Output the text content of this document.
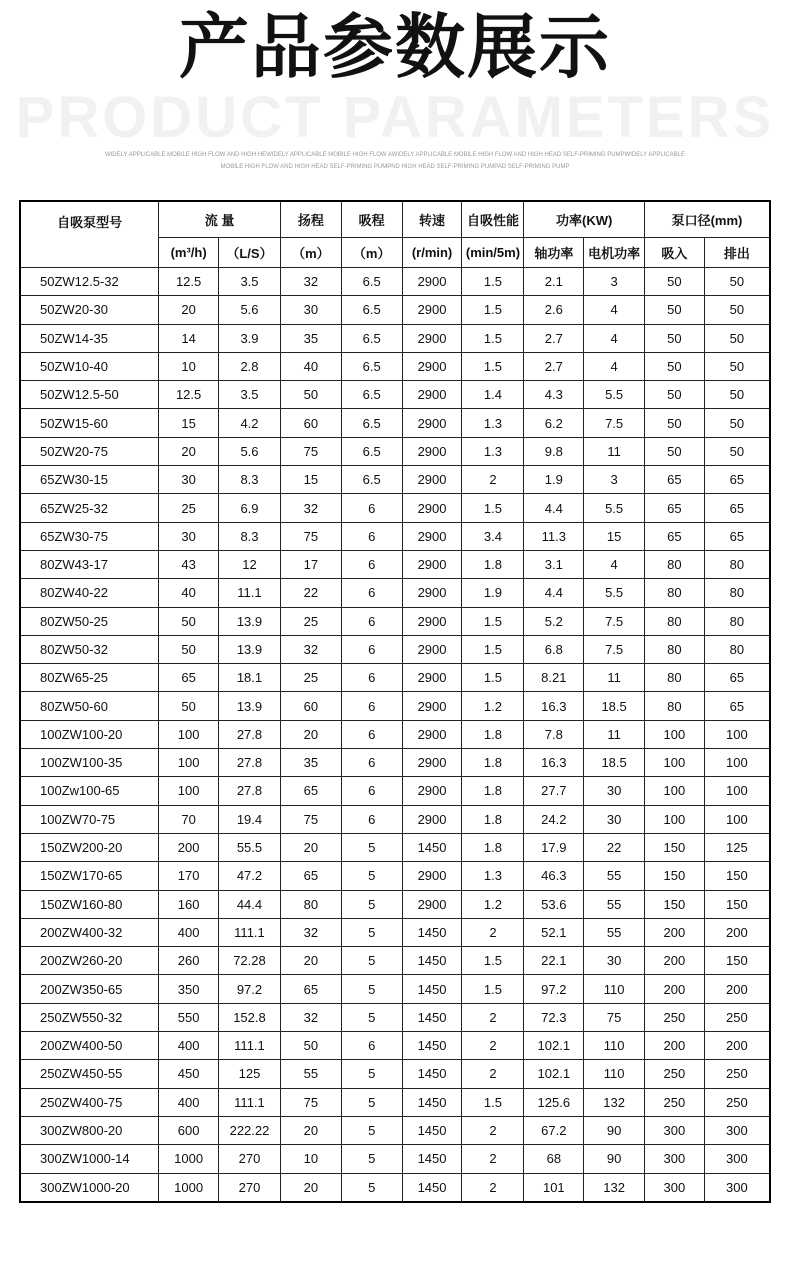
产品参数展示
PRODUCT PARAMETERS
WIDELY APPLICABLE MOBILE HIGH FLOW AND HIGH HEWIDELY APPLICABLE MOBILE HIGH FLOW AWIDELY APPLICABLE MOBILE HIGH FLOW AND HIGH HEAD SELF-PRIMING PUMPWIDELY APPLICABLE
MOBILE HIGH FLOW AND HIGH HEAD SELF-PRIMING PUMPND HIGH HEAD SELF-PRIMING PUMPAD SELF-PRIMING PUMP
自吸泵型号	流 量		扬程	吸程	转速	自吸性能	功率(KW)		泵口径(mm)	
	(m³/h)	（L/S）	（m）	（m）	(r/min)	(min/5m)	轴功率	电机功率	吸入	排出
50ZW12.5-32	12.5	3.5	32	6.5	2900	1.5	2.1	3	50	50
50ZW20-30	20	5.6	30	6.5	2900	1.5	2.6	4	50	50
50ZW14-35	14	3.9	35	6.5	2900	1.5	2.7	4	50	50
50ZW10-40	10	2.8	40	6.5	2900	1.5	2.7	4	50	50
50ZW12.5-50	12.5	3.5	50	6.5	2900	1.4	4.3	5.5	50	50
50ZW15-60	15	4.2	60	6.5	2900	1.3	6.2	7.5	50	50
50ZW20-75	20	5.6	75	6.5	2900	1.3	9.8	11	50	50
65ZW30-15	30	8.3	15	6.5	2900	2	1.9	3	65	65
65ZW25-32	25	6.9	32	6	2900	1.5	4.4	5.5	65	65
65ZW30-75	30	8.3	75	6	2900	3.4	11.3	15	65	65
80ZW43-17	43	12	17	6	2900	1.8	3.1	4	80	80
80ZW40-22	40	11.1	22	6	2900	1.9	4.4	5.5	80	80
80ZW50-25	50	13.9	25	6	2900	1.5	5.2	7.5	80	80
80ZW50-32	50	13.9	32	6	2900	1.5	6.8	7.5	80	80
80ZW65-25	65	18.1	25	6	2900	1.5	8.21	11	80	65
80ZW50-60	50	13.9	60	6	2900	1.2	16.3	18.5	80	65
100ZW100-20	100	27.8	20	6	2900	1.8	7.8	11	100	100
100ZW100-35	100	27.8	35	6	2900	1.8	16.3	18.5	100	100
100Zw100-65	100	27.8	65	6	2900	1.8	27.7	30	100	100
100ZW70-75	70	19.4	75	6	2900	1.8	24.2	30	100	100
150ZW200-20	200	55.5	20	5	1450	1.8	17.9	22	150	125
150ZW170-65	170	47.2	65	5	2900	1.3	46.3	55	150	150
150ZW160-80	160	44.4	80	5	2900	1.2	53.6	55	150	150
200ZW400-32	400	111.1	32	5	1450	2	52.1	55	200	200
200ZW260-20	260	72.28	20	5	1450	1.5	22.1	30	200	150
200ZW350-65	350	97.2	65	5	1450	1.5	97.2	110	200	200
250ZW550-32	550	152.8	32	5	1450	2	72.3	75	250	250
200ZW400-50	400	111.1	50	6	1450	2	102.1	110	200	200
250ZW450-55	450	125	55	5	1450	2	102.1	110	250	250
250ZW400-75	400	111.1	75	5	1450	1.5	125.6	132	250	250
300ZW800-20	600	222.22	20	5	1450	2	67.2	90	300	300
300ZW1000-14	1000	270	10	5	1450	2	68	90	300	300
300ZW1000-20	1000	270	20	5	1450	2	101	132	300	300
